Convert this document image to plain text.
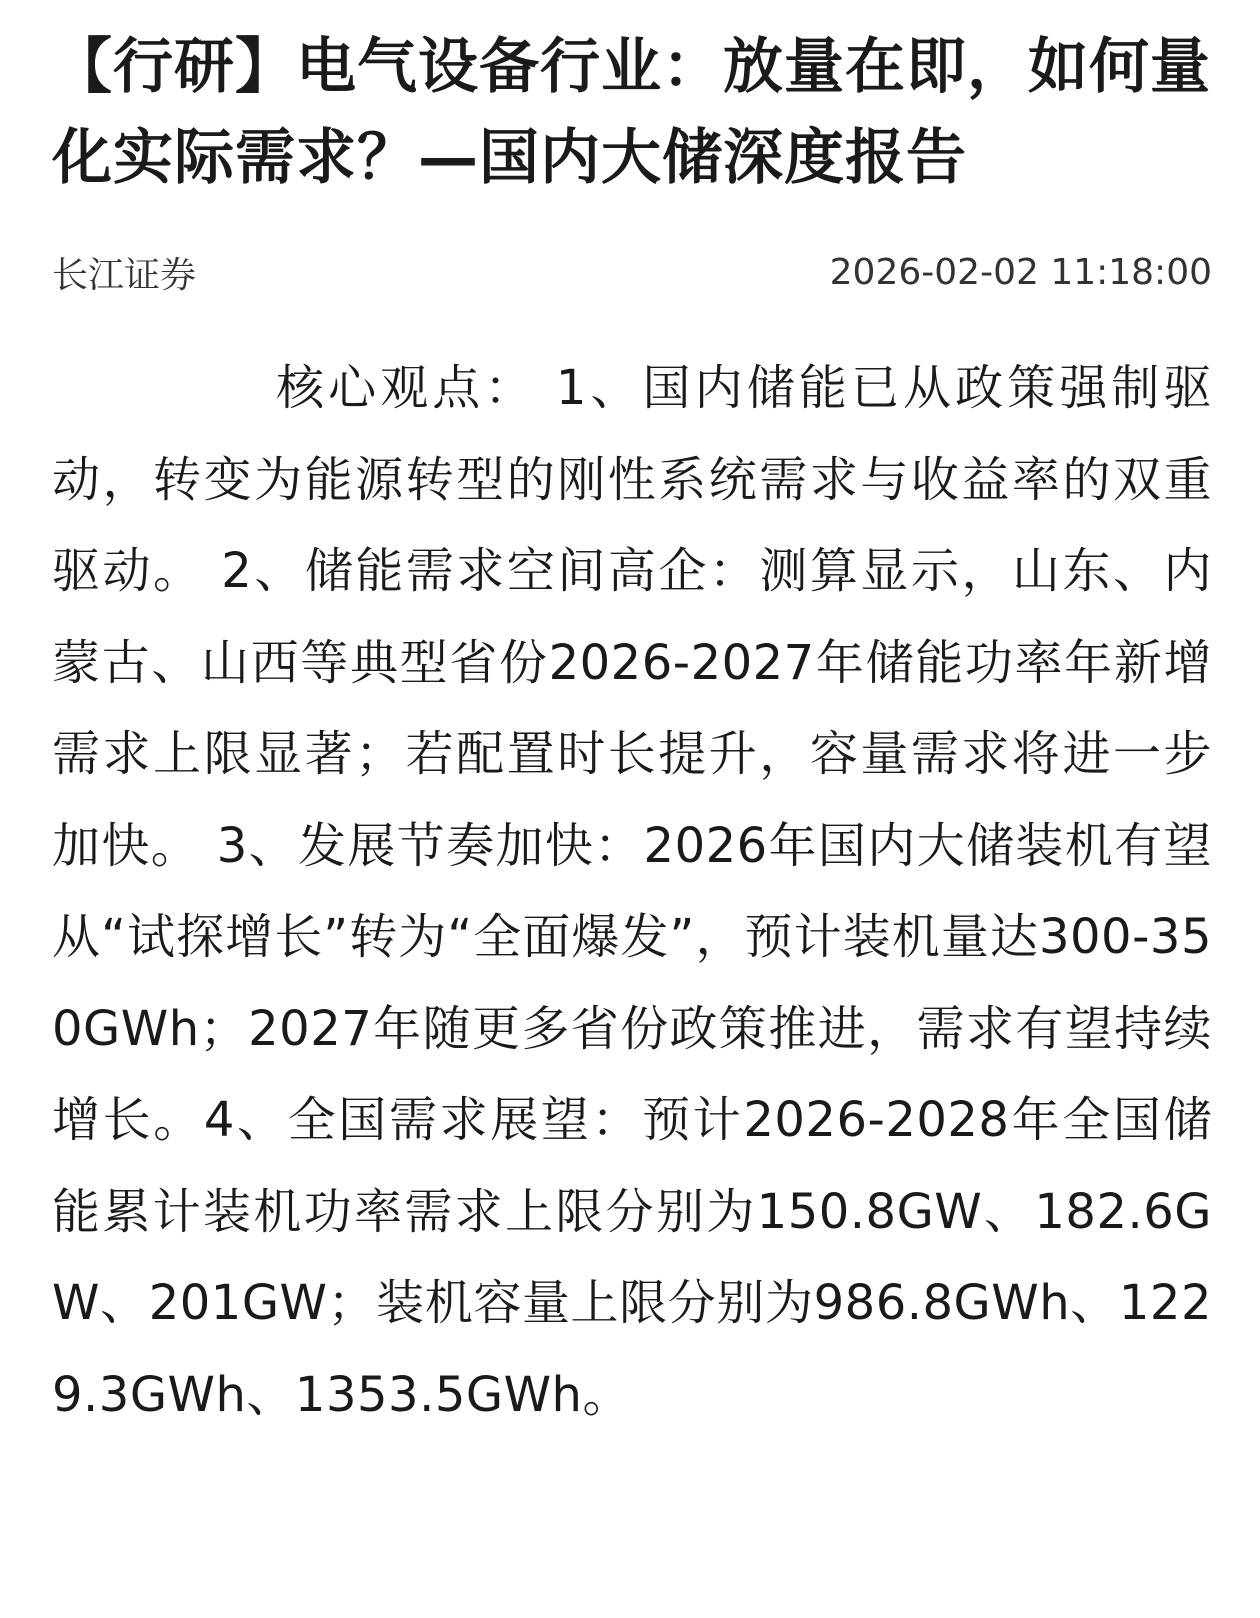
【行研】电气设备行业：放量在即，如何量化实际需求？—国内大储深度报告
长江证券	2026-02-02 11:18:00

核心观点： 1、国内储能已从政策强制驱动，转变为能源转型的刚性系统需求与收益率的双重驱动。 2、储能需求空间高企：测算显示，山东、内蒙古、山西等典型省份2026-2027年储能功率年新增需求上限显著；若配置时长提升，容量需求将进一步加快。 3、发展节奏加快：2026年国内大储装机有望从“试探增长”转为“全面爆发”，预计装机量达300-350GWh；2027年随更多省份政策推进，需求有望持续增长。4、全国需求展望：预计2026-2028年全国储能累计装机功率需求上限分别为150.8GW、182.6GW、201GW；装机容量上限分别为986.8GWh、1229.3GWh、1353.5GWh。
